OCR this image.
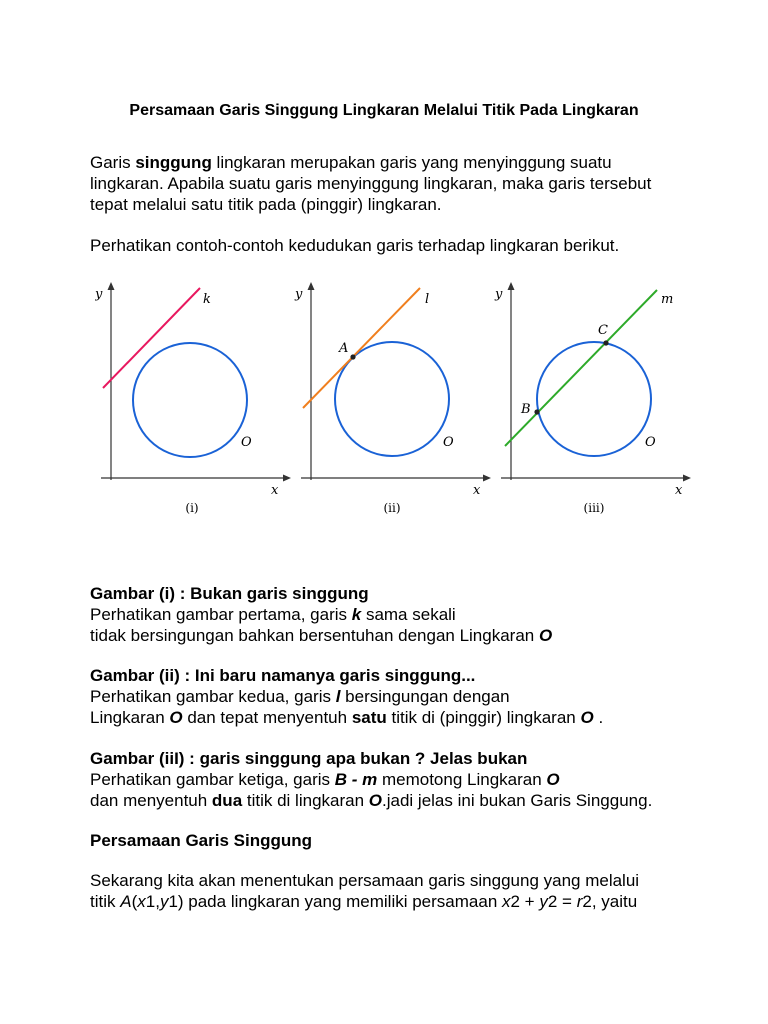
Persamaan Garis Singgung Lingkaran Melalui Titik Pada Lingkaran
Garis singgung lingkaran merupakan garis yang menyinggung suatu
lingkaran. Apabila suatu garis menyinggung lingkaran, maka garis tersebut
tepat melalui satu titik pada (pinggir) lingkaran.
Perhatikan contoh-contoh kedudukan garis terhadap lingkaran berikut.
y	k
O
x
(i)
y
A
l
O
x
(ii)
y
B
C
m
O
x
(iii)
Gambar (i) : Bukan garis singgung
Perhatikan gambar pertama, garis k sama sekali
tidak bersingungan bahkan bersentuhan dengan Lingkaran O
Gambar (ii) : Ini baru namanya garis singgung...
Perhatikan gambar kedua, garis l bersingungan dengan
Lingkaran O dan tepat menyentuh satu titik di (pinggir) lingkaran O .
Gambar (iiI) : garis singgung apa bukan ? Jelas bukan
Perhatikan gambar ketiga, garis B - m memotong Lingkaran O
dan menyentuh dua titik di lingkaran O.jadi jelas ini bukan Garis Singgung.
Persamaan Garis Singgung
Sekarang kita akan menentukan persamaan garis singgung yang melalui
titik A(x1,y1) pada lingkaran yang memiliki persamaan x2 + y2 = r2, yaitu
